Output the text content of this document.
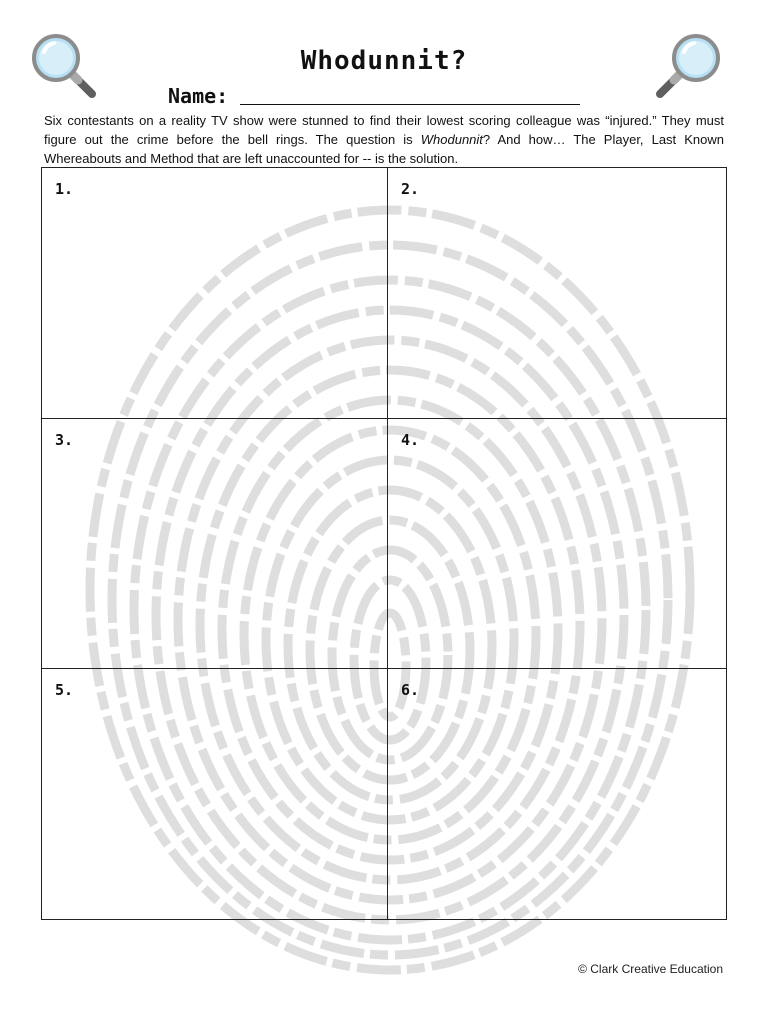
Whodunnit?
Name:
Six contestants on a reality TV show were stunned to find their lowest scoring colleague was “injured.” They must figure out the crime before the bell rings. The question is Whodunnit? And how… The Player, Last Known Whereabouts and Method that are left unaccounted for -- is the solution.
1.	2.
3.	4.
5.	6.
© Clark Creative Education
